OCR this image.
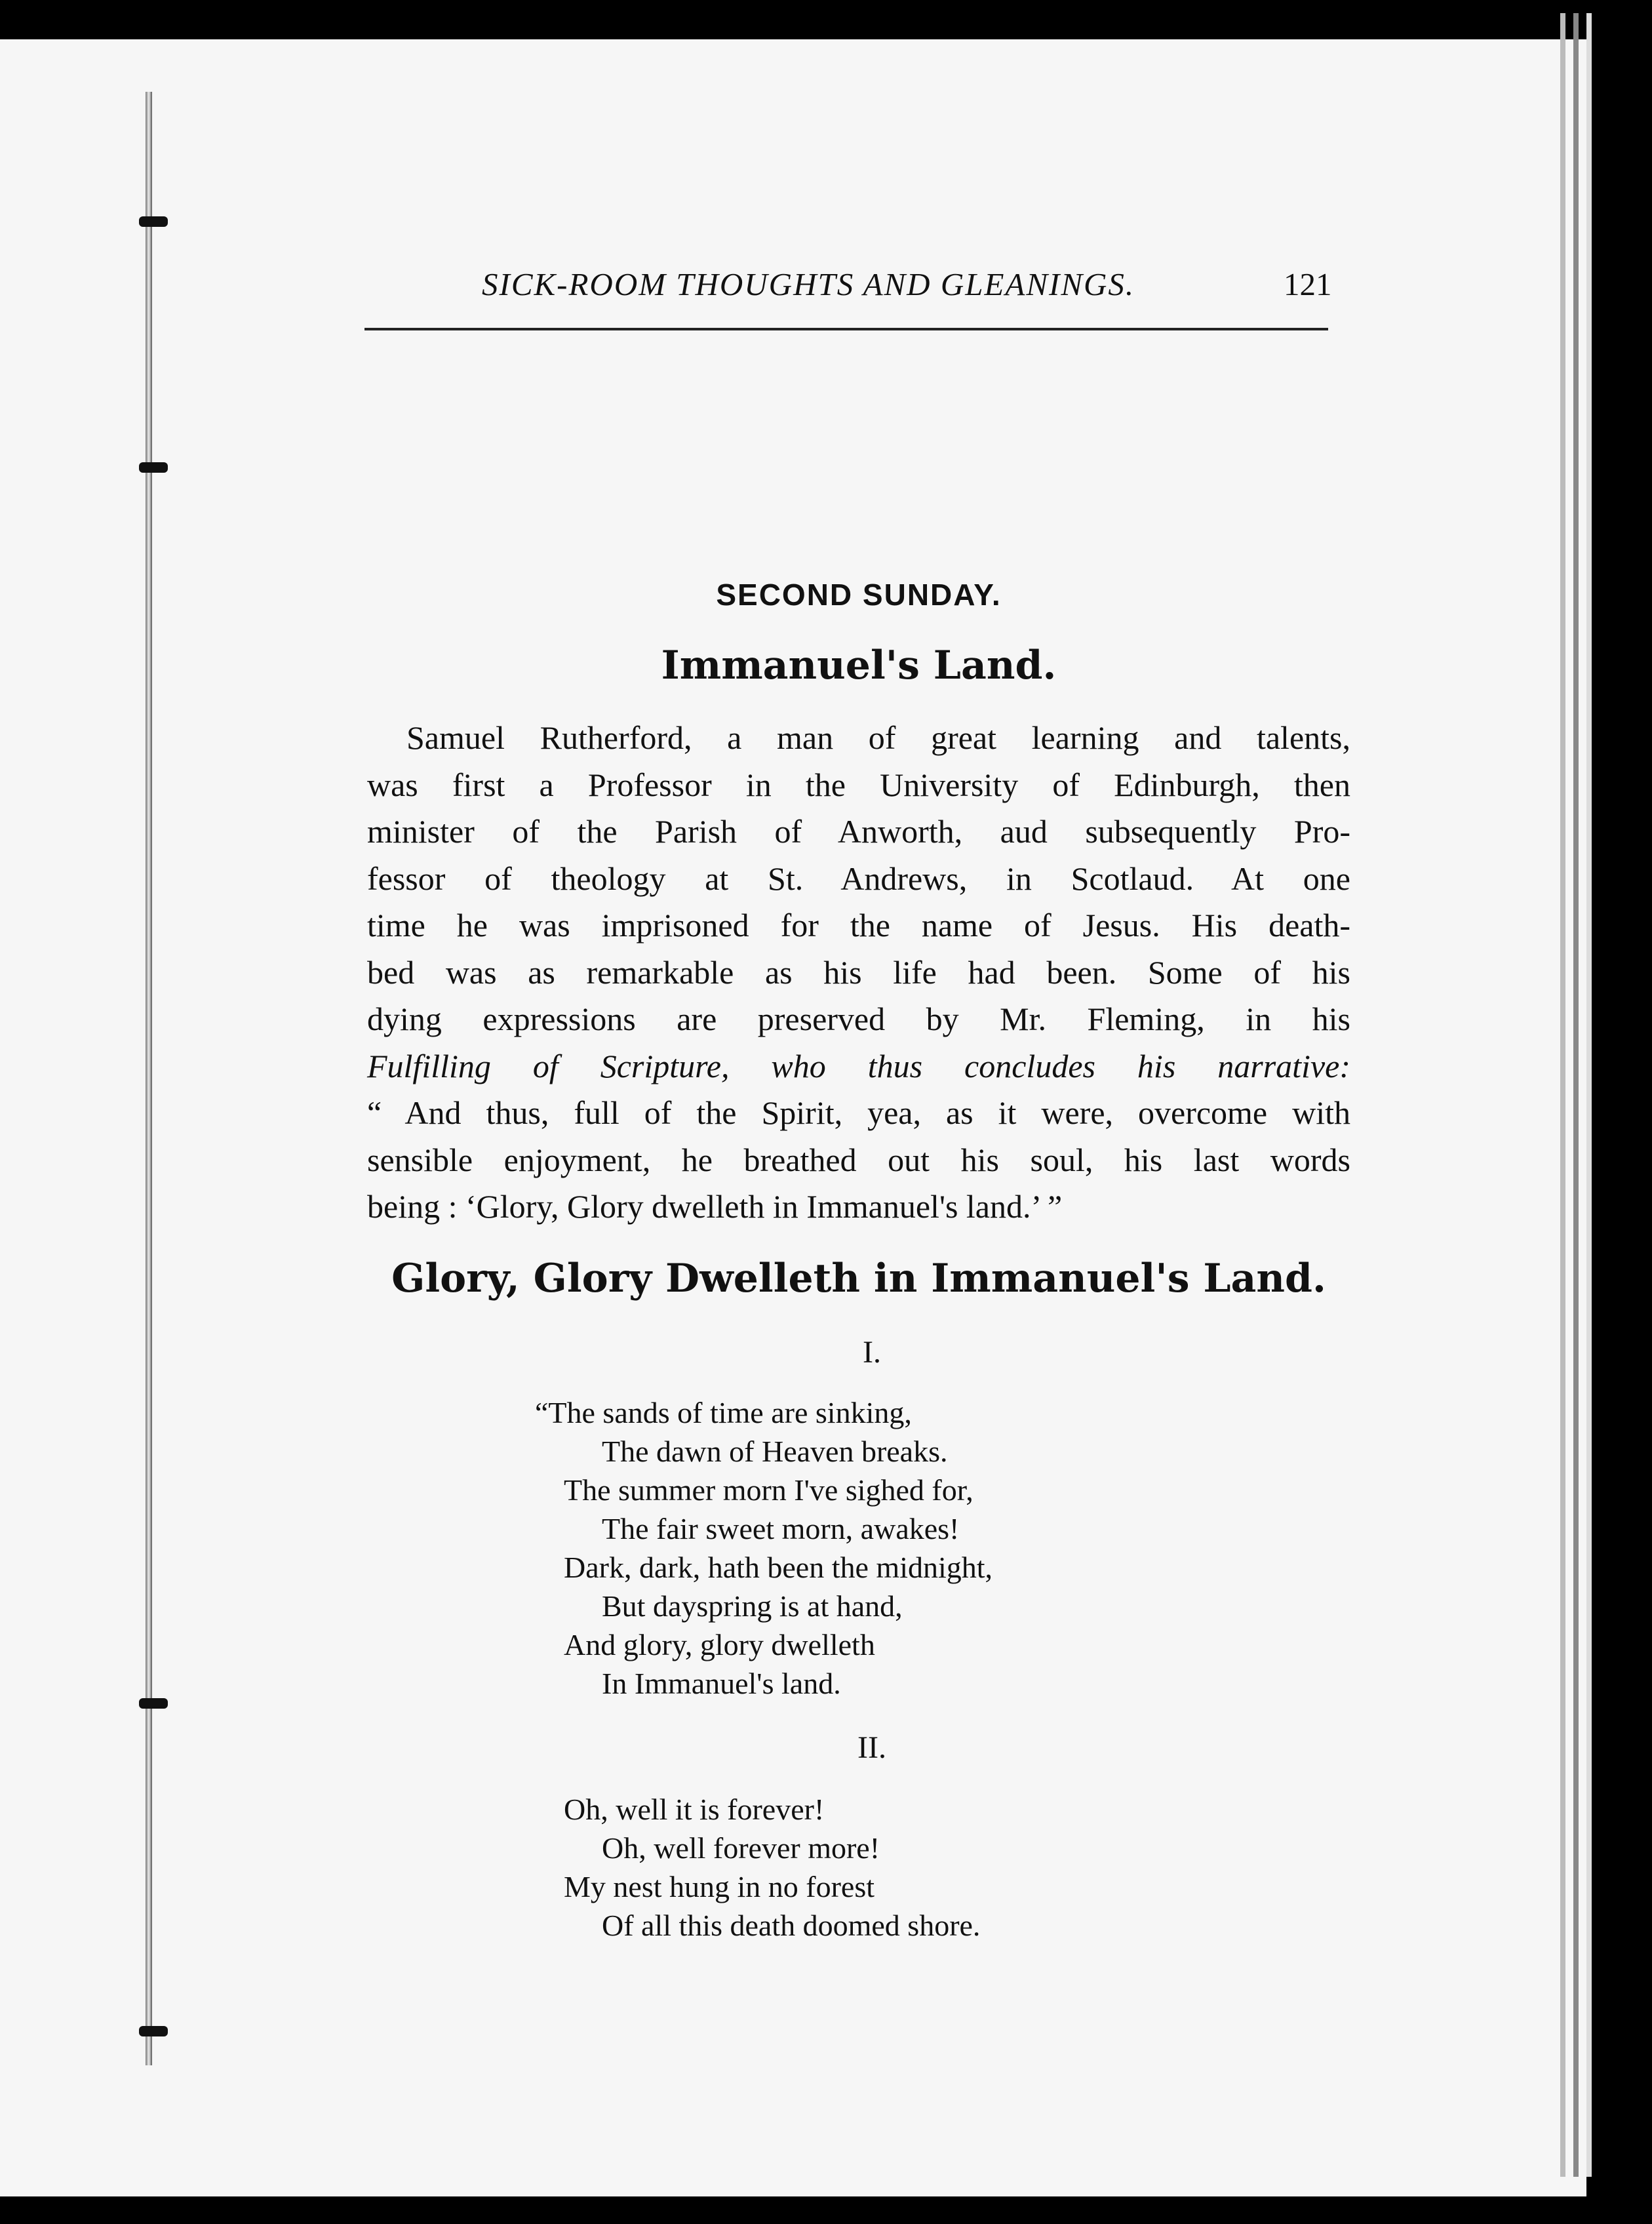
SICK-ROOM THOUGHTS AND GLEANINGS.	121
SECOND SUNDAY.
Immanuel's Land.
Samuel Rutherford, a man of great learning and talents,
was first a Professor in the University of Edinburgh, then
minister of the Parish of Anworth, aud subsequently Pro-
fessor of theology at St. Andrews, in Scotlaud. At one
time he was imprisoned for the name of Jesus. His death-
bed was as remarkable as his life had been. Some of his
dying expressions are preserved by Mr. Fleming, in his
Fulfilling of Scripture, who thus concludes his narrative:
“ And thus, full of the Spirit, yea, as it were, overcome with
sensible enjoyment, he breathed out his soul, his last words
being : ‘Glory, Glory dwelleth in Immanuel's land.’ ”
Glory, Glory Dwelleth in Immanuel's Land.
I.
“The sands of time are sinking,
The dawn of Heaven breaks.
The summer morn I've sighed for,
The fair sweet morn, awakes!
Dark, dark, hath been the midnight,
But dayspring is at hand,
And glory, glory dwelleth
In Immanuel's land.
II.
Oh, well it is forever!
Oh, well forever more!
My nest hung in no forest
Of all this death doomed shore.
